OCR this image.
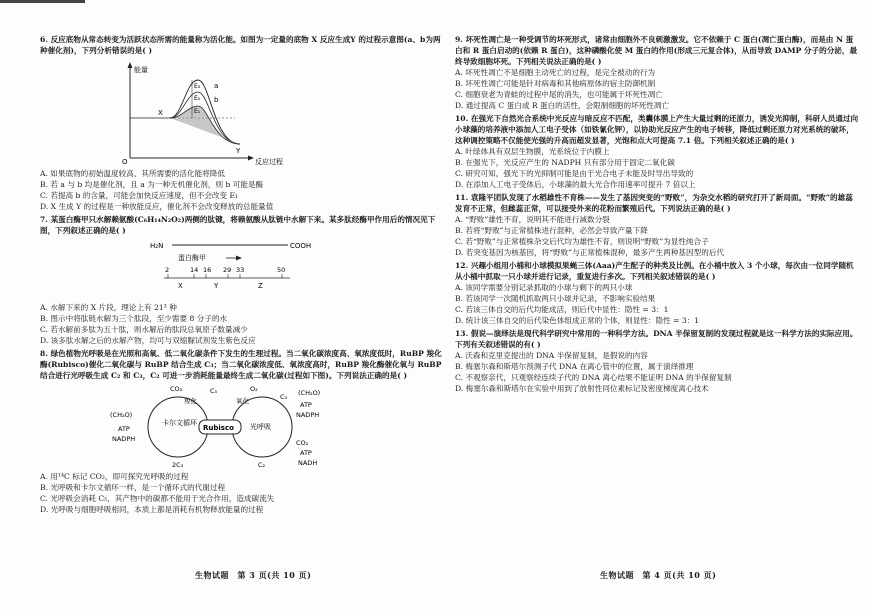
6. 反应底物从常态转变为活跃状态所需的能量称为活化能。如图为一定量的底物 X 反应生成Y 的过程示意图(a、b为两种催化剂)，下列分析错误的是( )

能量
反应过程
O
X
Y
a
b
E₃
E₂
E₁

A. 如果底物的初始温度较高，其所需要的活化能将降低

B. 若 a 与 b 均是催化剂，且 a 为一种无机催化剂，则 b 可能是酶

C. 若提高 b 的含量，可能会加快反应速度，但不会改变 E₁

D. X 生成 Y 的过程是一种放能反应，催化剂不会改变释放的总能量值

7. 某蛋白酶甲只水解赖氨酸(C₆H₁₄N₂O₂)两侧的肽键，将赖氨酸从肽链中水解下来。某多肽经酶甲作用后的情况见下图，下列叙述正确的是( )

H₂N	COOH
蛋白酶甲
2	14 16 29 33	50
X	Y	Z

A. 水解下来的 X 片段，理论上有 21³ 种

B. 图示中将肽链水解为三个肽段，至少需要 8 分子的水

C. 若水解前多肽为五十肽，则水解后的肽段总氧原子数量减少

D. 该多肽水解之后的水解产物，均可与双缩脲试剂发生紫色反应

8. 绿色植物光呼吸是在光照和高氧、低二氧化碳条件下发生的生理过程。当二氧化碳浓度高、氧浓度低时，RuBP 羧化酶(Rubisco)催化二氧化碳与 RuBP 结合生成 C₃；当二氧化碳浓度低、氧浓度高时，RuBP 羧化酶催化氧与 RuBP 结合进行光呼吸生成 C₂ 和 C₃，C₂ 可进一步消耗能量最终生成二氧化碳(过程如下图)。下列说法正确的是( )

Rubisco
卡尔文循环	光呼吸
C₅
羧化	氧化
2C₃	C₂
C₃
CO₂	O₂
(CH₂O)
ATP
NADPH
(CH₂O)
ATP
NADPH
CO₂
ATP
NADH

A. 用¹⁴C 标记 CO₂，即可探究光呼吸的过程

B. 光呼吸和卡尔文循环一样，是一个循环式的代谢过程

C. 光呼吸会消耗 C₅，其产物中的碳都不能用于光合作用，造成碳流失

D. 光呼吸与细胞呼吸相同，本质上都是消耗有机物释放能量的过程

9. 坏死性凋亡是一种受调节的坏死形式，诸常由细胞外不良刺激激发。它不依赖于 C 蛋白(凋亡蛋白酶)，而是由 N 蛋白和 R 蛋白启动的(依赖 R 蛋白)，这种磷酸化使 M 蛋白的作用(形成三元复合体)，从而导致 DAMP 分子的分泌，最终导致细胞坏死。下列相关说法正确的是( )

A. 坏死性凋亡不是细胞主动死亡的过程，是完全被动的行为

B. 坏死性凋亡可能是针对病毒和其他病原体的宿主防御机制

C. 细胞衰老为青蛙的过程中尾的消失，也可能属于坏死性凋亡

D. 通过提高 C 蛋白或 R 蛋白的活性，会限制细胞的坏死性凋亡

10. 在强光下自然光合系统中光反应与暗反应不匹配，类囊体膜上产生大量过剩的还原力，诱发光抑制，科研人员通过向小球藻的培养液中添加人工电子受体（如铁氰化钾），以协助光反应产生的电子转移，降低过剩还原力对光系统的破坏，这种调控策略不仅能使光强的升高而超发显著，光饱和点大可提高 7.1 倍。下列相关叙述正确的是( )

A. 叶绿体具有双层生物膜，光系统位于内膜上

B. 在强光下，光反应产生的 NADPH 只有部分用于固定二氧化碳

C. 研究可知，强光下的光抑制可能是由于光合电子未能及时导出导致的

D. 在添加人工电子受体后，小球藻的最大光合作用速率可提升 7 倍以上

11. 袁隆平团队发现了水稻雄性不育株——发生了基因突变的“野败”，为杂交水稻的研究打开了新局面。“野败”的雄蕊发育不正常，但雌蕊正常，可以接受外来的花粉而繁殖后代。下列说法正确的是( )

A. “野败”雄性不育，说明其不能进行减数分裂

B. 若将“野败”与正常植株进行混种，必然会导致产量下降

C. 若“野败”与正常植株杂交后代均为雄性不育，则说明“野败”为显性纯合子

D. 若突变基因为核基因，将“野败”与正常植株混种，最多产生两种基因型的后代

12. 兴趣小组用小桶和小球模拟果蝇三体(Aaa)产生配子的种类及比例。在小桶中放入 3 个小球，每次由一位同学随机从小桶中抓取一只小球并进行记录，重复进行多次。下列相关叙述错误的是( )

A. 该同学需要分别记录抓取的小球与剩下的两只小球

B. 若该同学一次随机抓取两只小球并记录，不影响实验结果

C. 若该三体自交的后代均能成活，则后代中显性：隐性 = 3：1

D. 统计该三体自交的后代染色体组成正常的个体，则显性：隐性 = 3：1

13. 假说—演绎法是现代科学研究中常用的一种科学方法。DNA 半保留复制的发现过程就是这一科学方法的实际应用。下列有关叙述错误的有( )

A. 沃森和克里克提出的 DNA 半保留复制，是假说的内容

B. 梅塞尔森和斯塔尔预测子代 DNA 在离心管中的位置，属于演绎推理

C. 不观察亲代，只观察经连续子代的 DNA 离心结果不能证明 DNA 的半保留复制

D. 梅塞尔森和斯塔尔在实验中用到了放射性同位素标记及密度梯度离心技术

生物试题　第 3 页(共 10 页)	生物试题　第 4 页(共 10 页)
